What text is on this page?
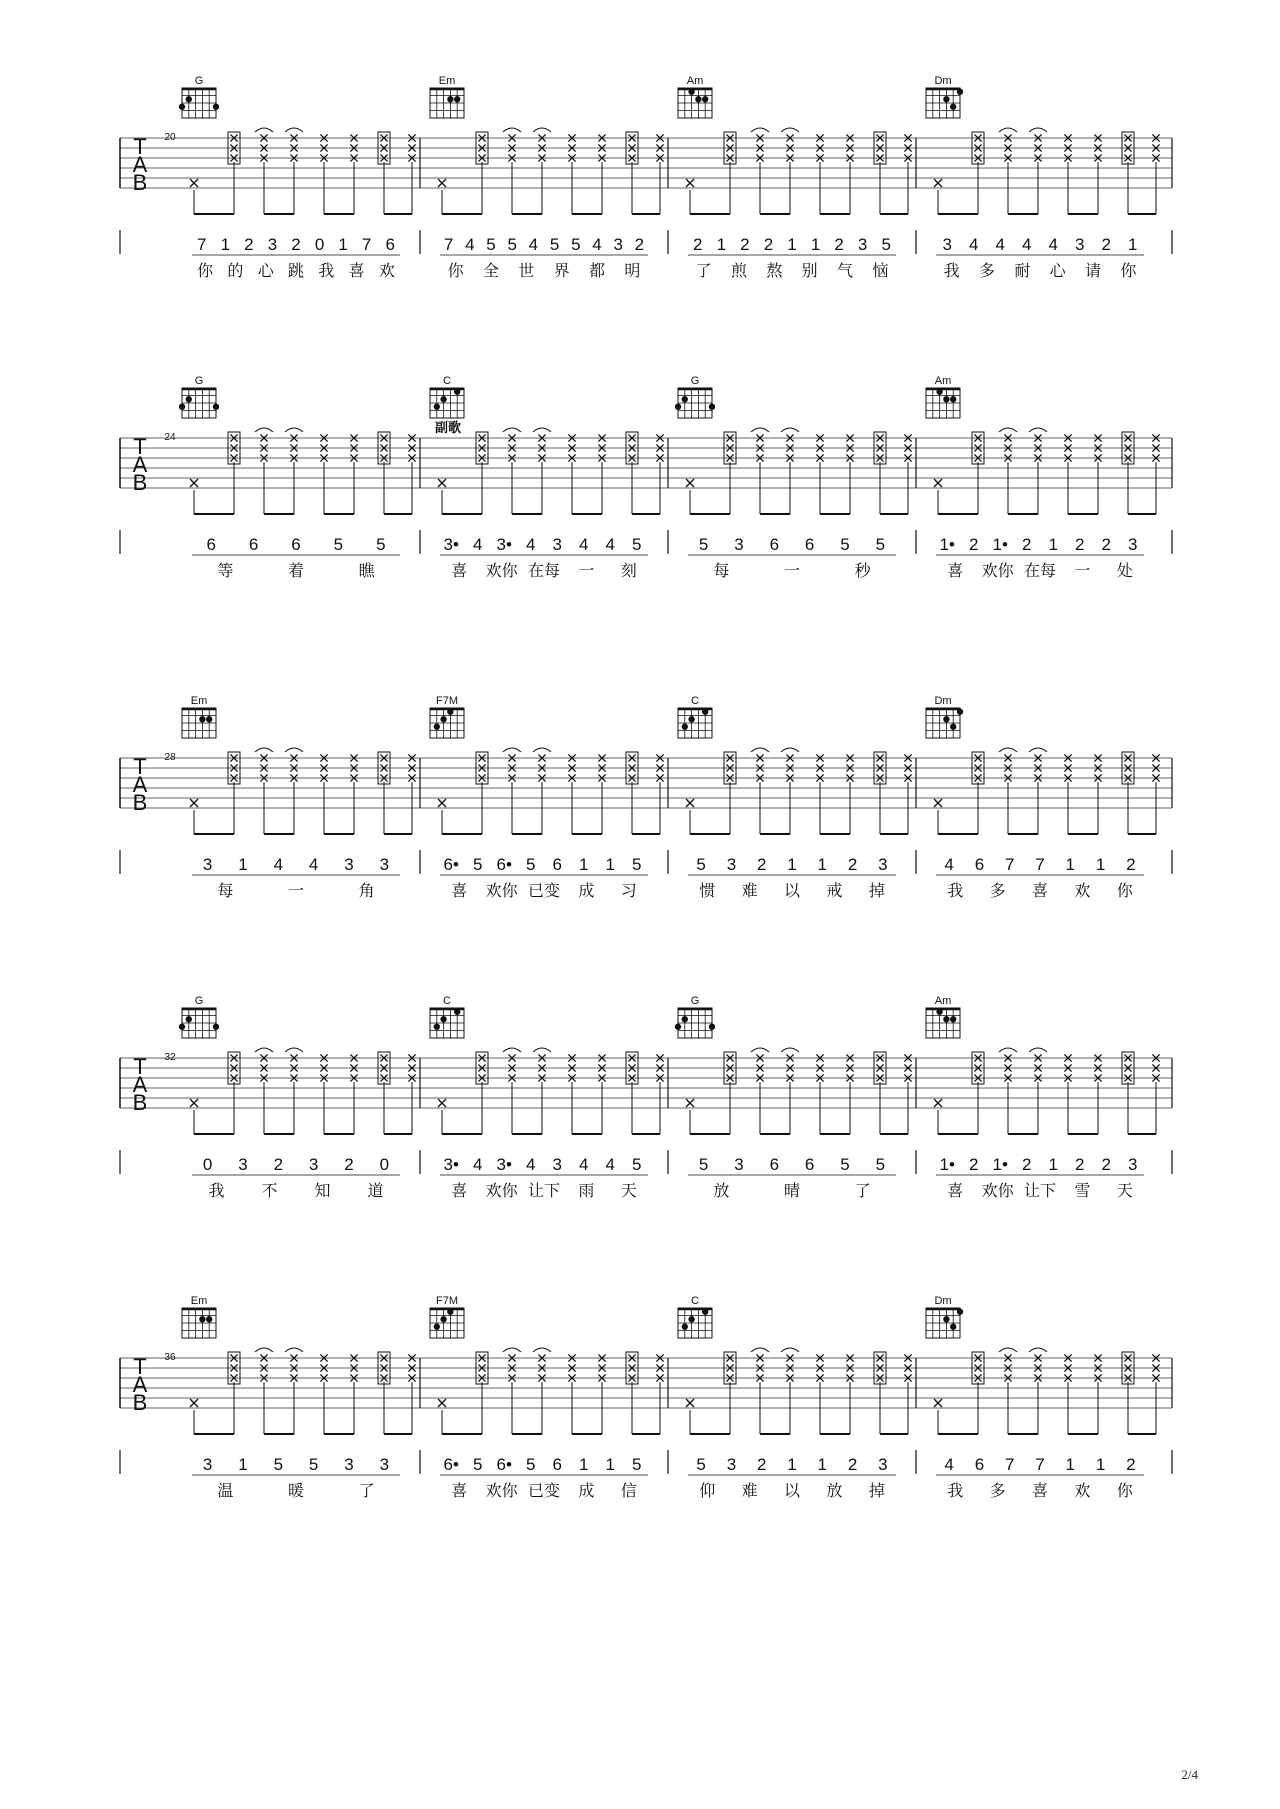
T
A
B
20
G
7 1 2 3 2 0 1 7 6
你 的 心 跳 我 喜 欢
Em
7 4 5 5 4 5 5 4 3 2
你 全 世 界 都 明
Am
2 1 2 2 1 1 2 3 5
了 煎 熬 别 气 恼
Dm
3 4 4 4 4 3 2 1
我 多 耐 心 请 你
T
A
B
24
G
6 6 6 5 5
等	着	瞧
C
副歌
3• 4 3• 4 3 4 4 5
喜 欢你 在每 一 刻
G
5 3 6 6 5 5
每	一	秒
Am
1• 2 1• 2 1 2 2 3
喜 欢你 在每 一 处
T
A
B
28
Em
3 1 4 4 3 3
每	一	角
F7M
6• 5 6• 5 6 1 1 5
喜 欢你 已变 成 习
C
5 3 2 1 1 2 3
惯 难 以 戒 掉
Dm
4 6 7 7 1 1 2
我 多 喜 欢 你
T
A
B
32
G
0 3 2 3 2 0
我 不 知 道
C
3• 4 3• 4 3 4 4 5
喜 欢你 让下 雨 天
G
5 3 6 6 5 5
放	晴	了
Am
1• 2 1• 2 1 2 2 3
喜 欢你 让下 雪 天
T
A
B
36
Em
3 1 5 5 3 3
温	暖	了
F7M
6• 5 6• 5 6 1 1 5
喜 欢你 已变 成 信
C
5 3 2 1 1 2 3
仰 难 以 放 掉
Dm
4 6 7 7 1 1 2
我 多 喜 欢 你
2/4
